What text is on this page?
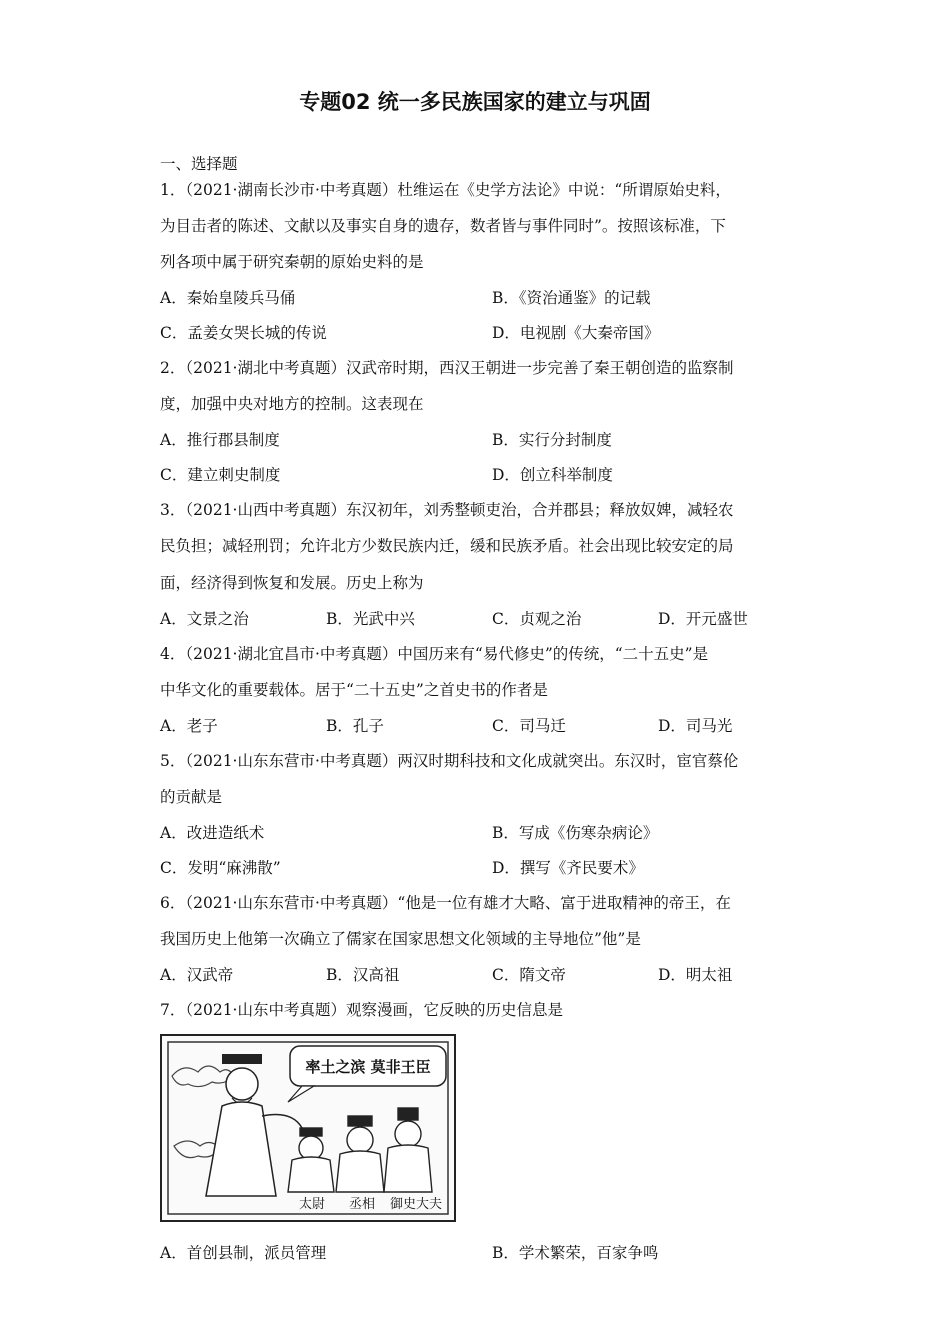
专题02 统一多民族国家的建立与巩固
一、选择题
1．（2021·湖南长沙市·中考真题）杜维运在《史学方法论》中说：“所谓原始史料，
为目击者的陈述、文献以及事实自身的遗存，数者皆与事件同时”。按照该标准，下
列各项中属于研究秦朝的原始史料的是
A．秦始皇陵兵马俑	B．《资治通鉴》的记载
C．孟姜女哭长城的传说	D．电视剧《大秦帝国》
2．（2021·湖北中考真题）汉武帝时期，西汉王朝进一步完善了秦王朝创造的监察制
度，加强中央对地方的控制。这表现在
A．推行郡县制度	B．实行分封制度
C．建立刺史制度	D．创立科举制度
3．（2021·山西中考真题）东汉初年，刘秀整顿吏治，合并郡县；释放奴婢，减轻农
民负担；减轻刑罚；允许北方少数民族内迁，缓和民族矛盾。社会出现比较安定的局
面，经济得到恢复和发展。历史上称为
A．文景之治	B．光武中兴	C．贞观之治	D．开元盛世
4．（2021·湖北宜昌市·中考真题）中国历来有“易代修史”的传统，“二十五史”是
中华文化的重要载体。居于“二十五史”之首史书的作者是
A．老子	B．孔子	C．司马迁	D．司马光
5．（2021·山东东营市·中考真题）两汉时期科技和文化成就突出。东汉时，宦官蔡伦
的贡献是
A．改进造纸术	B．写成《伤寒杂病论》
C．发明“麻沸散”	D．撰写《齐民要术》
6．（2021·山东东营市·中考真题）“他是一位有雄才大略、富于进取精神的帝王，在
我国历史上他第一次确立了儒家在国家思想文化领域的主导地位”他”是
A．汉武帝	B．汉高祖	C．隋文帝	D．明太祖
7．（2021·山东中考真题）观察漫画，它反映的历史信息是
率土之滨 莫非王臣
太尉 丞相 御史大夫
A．首创县制，派员管理	B．学术繁荣，百家争鸣
